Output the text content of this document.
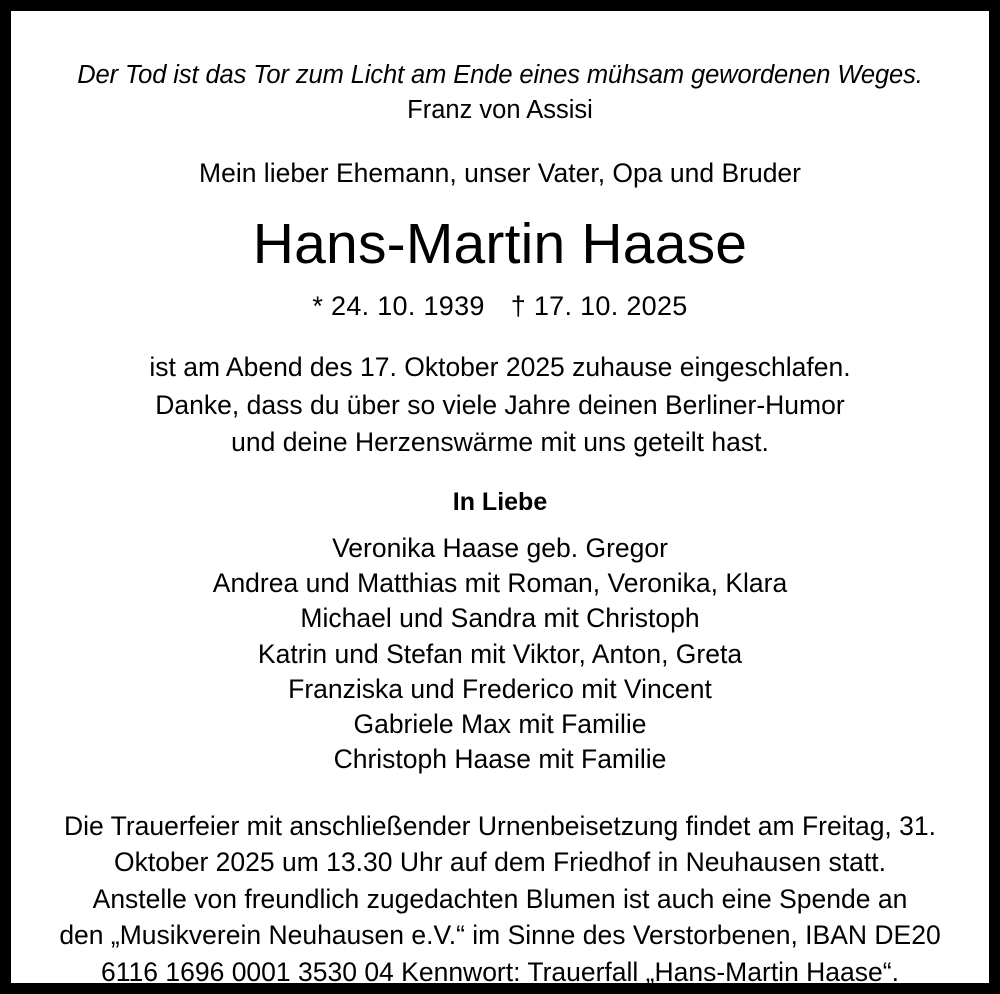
Der Tod ist das Tor zum Licht am Ende eines mühsam gewordenen Weges.
Franz von Assisi
Mein lieber Ehemann, unser Vater, Opa und Bruder
Hans-Martin Haase
* 24. 10. 1939 † 17. 10. 2025
ist am Abend des 17. Oktober 2025 zuhause eingeschlafen.
Danke, dass du über so viele Jahre deinen Berliner-Humor
und deine Herzenswärme mit uns geteilt hast.
In Liebe
Veronika Haase geb. Gregor
Andrea und Matthias mit Roman, Veronika, Klara
Michael und Sandra mit Christoph
Katrin und Stefan mit Viktor, Anton, Greta
Franziska und Frederico mit Vincent
Gabriele Max mit Familie
Christoph Haase mit Familie
Die Trauerfeier mit anschließender Urnenbeisetzung findet am Freitag, 31.
Oktober 2025 um 13.30 Uhr auf dem Friedhof in Neuhausen statt.
Anstelle von freundlich zugedachten Blumen ist auch eine Spende an
den „Musikverein Neuhausen e.V.“ im Sinne des Verstorbenen, IBAN DE20
6116 1696 0001 3530 04 Kennwort: Trauerfall „Hans-Martin Haase“.
